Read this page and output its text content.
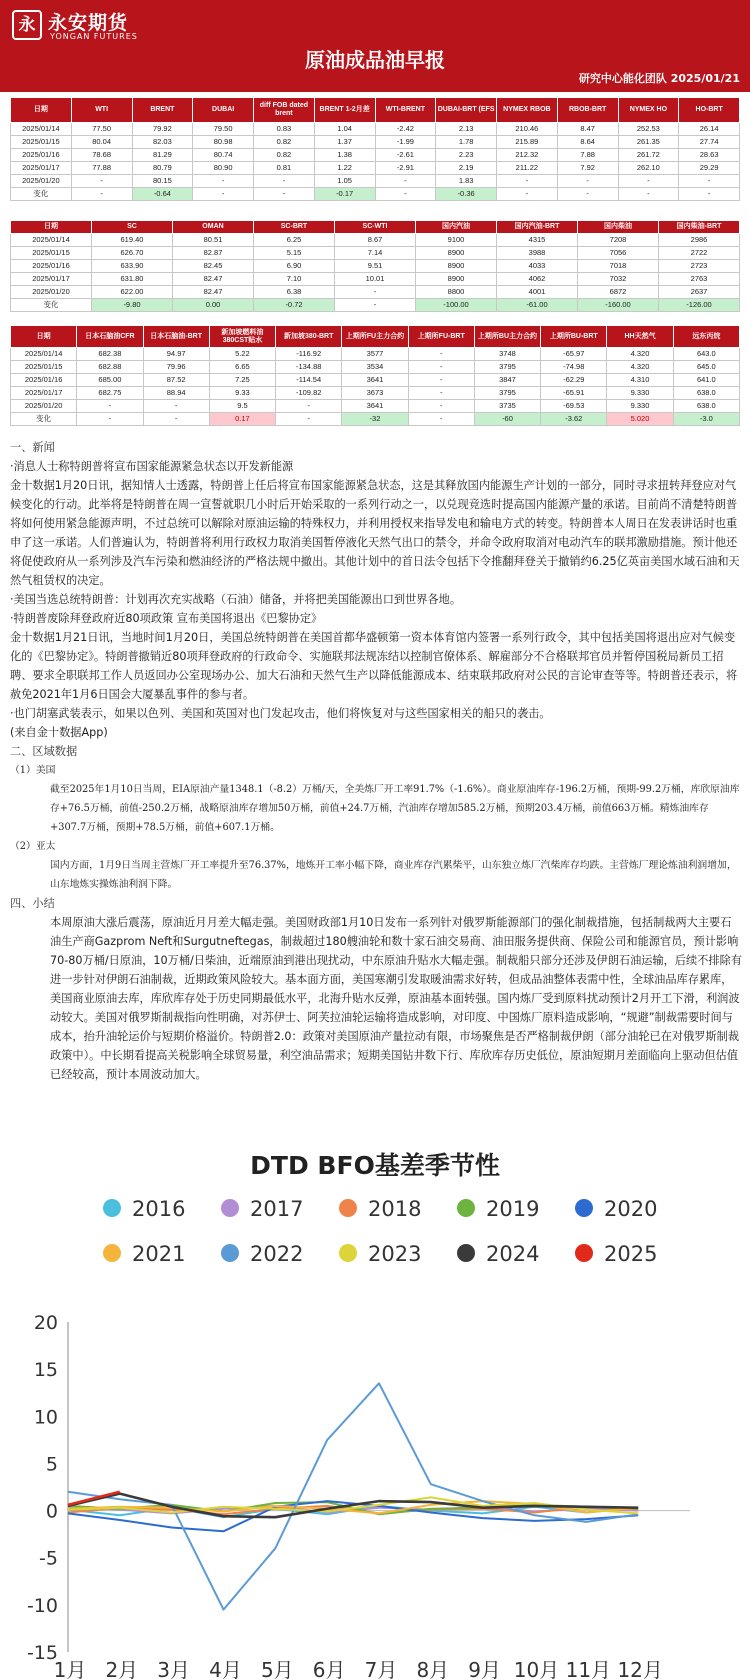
永 永安期货
YONGAN FUTURES
原油成品油早报
研究中心能化团队 2025/01/21
日期	WTI	BRENT	DUBAI	diff FOB dated brent	BRENT 1-2月差	WTI-BRENT	DUBAI-BRT (EFS	NYMEX RBOB	RBOB-BRT	NYMEX HO	HO-BRT
2025/01/14	77.50	79.92	79.50	0.83	1.04	-2.42	2.13	210.46	8.47	252.53	26.14
2025/01/15	80.04	82.03	80.98	0.82	1.37	-1.99	1.78	215.89	8.64	261.35	27.74
2025/01/16	78.68	81.29	80.74	0.82	1.38	-2.61	2.23	212.32	7.88	261.72	28.63
2025/01/17	77.88	80.79	80.90	0.81	1.22	-2.91	2.19	211.22	7.92	262.10	29.29
2025/01/20	-	80.15	-	-	1.05	-	1.83	-	-	-	-
变化	-	-0.64	-	-	-0.17	-	-0.36	-	-	-	-
日期	SC	OMAN	SC-BRT	SC-WTI	国内汽油	国内汽油-BRT	国内柴油	国内柴油-BRT
2025/01/14	619.40	80.51	6.25	8.67	9100	4315	7208	2986
2025/01/15	626.70	82.87	5.15	7.14	8900	3988	7056	2722
2025/01/16	633.90	82.45	6.90	9.51	8900	4033	7018	2723
2025/01/17	631.80	82.47	7.10	10.01	8900	4062	7032	2763
2025/01/20	622.00	82.47	6.38	-	8800	4001	6872	2637
变化	-9.80	0.00	-0.72	-	-100.00	-61.00	-160.00	-126.00
日期	日本石脑油CFR	日本石脑油-BRT	新加坡燃料油380CST贴水	新加坡380-BRT	上期所FU主力合约	上期所FU-BRT	上期所BU主力合约	上期所BU-BRT	HH天然气	远东丙烷
2025/01/14	682.38	94.97	5.22	-116.92	3577	-	3748	-65.97	4.320	643.0
2025/01/15	682.88	79.96	6.65	-134.88	3534	-	3795	-74.98	4.320	645.0
2025/01/16	685.00	87.52	7.25	-114.54	3641	-	3847	-62.29	4.310	641.0
2025/01/17	682.75	88.94	9.33	-109.82	3673	-	3795	-65.91	9.330	638.0
2025/01/20	-	-	9.5	-	3641	-	3735	-69.53	9.330	638.0
变化	-	-	0.17	-	-32	-	-60	-3.62	5.020	-3.0

一、新闻

·消息人士称特朗普将宣布国家能源紧急状态以开发新能源

金十数据1月20日讯，据知情人士透露，特朗普上任后将宣布国家能源紧急状态，这是其释放国内能源生产计划的一部分，同时寻求扭转拜登应对气候变化的行动。此举将是特朗普在周一宣誓就职几小时后开始采取的一系列行动之一，以兑现竞选时提高国内能源产量的承诺。目前尚不清楚特朗普将如何使用紧急能源声明，不过总统可以解除对原油运输的特殊权力，并利用授权来指导发电和输电方式的转变。特朗普本人周日在发表讲话时也重申了这一承诺。人们普遍认为，特朗普将利用行政权力取消美国暂停液化天然气出口的禁令，并命令政府取消对电动汽车的联邦激励措施。预计他还将促使政府从一系列涉及汽车污染和燃油经济的严格法规中撤出。其他计划中的首日法令包括下令推翻拜登关于撤销约6.25亿英亩美国水域石油和天然气租赁权的决定。

·美国当选总统特朗普：计划再次充实战略（石油）储备，并将把美国能源出口到世界各地。

·特朗普废除拜登政府近80项政策 宣布美国将退出《巴黎协定》

金十数据1月21日讯，当地时间1月20日，美国总统特朗普在美国首都华盛顿第一资本体育馆内签署一系列行政令，其中包括美国将退出应对气候变化的《巴黎协定》。特朗普撤销近80项拜登政府的行政命令、实施联邦法规冻结以控制官僚体系、解雇部分不合格联邦官员并暂停国税局新员工招聘、要求全职联邦工作人员返回办公室现场办公、加大石油和天然气生产以降低能源成本、结束联邦政府对公民的言论审查等等。特朗普还表示，将赦免2021年1月6日国会大厦暴乱事件的参与者。

·也门胡塞武装表示，如果以色列、美国和英国对也门发起攻击，他们将恢复对与这些国家相关的船只的袭击。

(来自金十数据App)

二、区域数据

（1）美国

截至2025年1月10日当周，EIA原油产量1348.1（-8.2）万桶/天，全美炼厂开工率91.7%（-1.6%）。商业原油库存-196.2万桶，预期-99.2万桶，库欣原油库存+76.5万桶，前值-250.2万桶，战略原油库存增加50万桶，前值+24.7万桶，汽油库存增加585.2万桶，预期203.4万桶，前值663万桶。精炼油库存+307.7万桶，预期+78.5万桶，前值+607.1万桶。

（2）亚太

国内方面，1月9日当周主营炼厂开工率提升至76.37%，地炼开工率小幅下降，商业库存汽累柴平，山东独立炼厂汽柴库存均跌。主营炼厂理论炼油利润增加，山东地炼实操炼油利润下降。

四、小结

本周原油大涨后震荡，原油近月月差大幅走强。美国财政部1月10日发布一系列针对俄罗斯能源部门的强化制裁措施，包括制裁两大主要石油生产商Gazprom Neft和Surgutneftegas，制裁超过180艘油轮和数十家石油交易商、油田服务提供商、保险公司和能源官员，预计影响70-80万桶/日原油，10万桶/日柴油，近端原油到港出现扰动，中东原油升贴水大幅走强。制裁船只部分还涉及伊朗石油运输，后续不排除有进一步针对伊朗石油制裁，近期政策风险较大。基本面方面，美国寒潮引发取暖油需求好转，但成品油整体表需中性，全球油品库存累库，美国商业原油去库，库欣库存处于历史同期最低水平，北海升贴水反弹，原油基本面转强。国内炼厂受到原料扰动预计2月开工下滑，利润波动较大。美国对俄罗斯制裁指向性明确，对苏伊士、阿芙拉油轮运输将造成影响，对印度、中国炼厂原料造成影响，“规避”制裁需要时间与成本，抬升油轮运价与短期价格溢价。特朗普2.0：政策对美国原油产量拉动有限，市场聚焦是否严格制裁伊朗（部分油轮已在对俄罗斯制裁政策中）。中长期看提高关税影响全球贸易量，利空油品需求；短期美国钻井数下行、库欣库存历史低位，原油短期月差面临向上驱动但估值已经较高，预计本周波动加大。

DTD BFO基差季节性
2016	2017	2018	2019	2020
2021	2022	2023	2024	2025
20
15
10
5
0
-5
-10
-15
1月 2月 3月 4月 5月 6月 7月 8月 9月 10月 11月 12月
